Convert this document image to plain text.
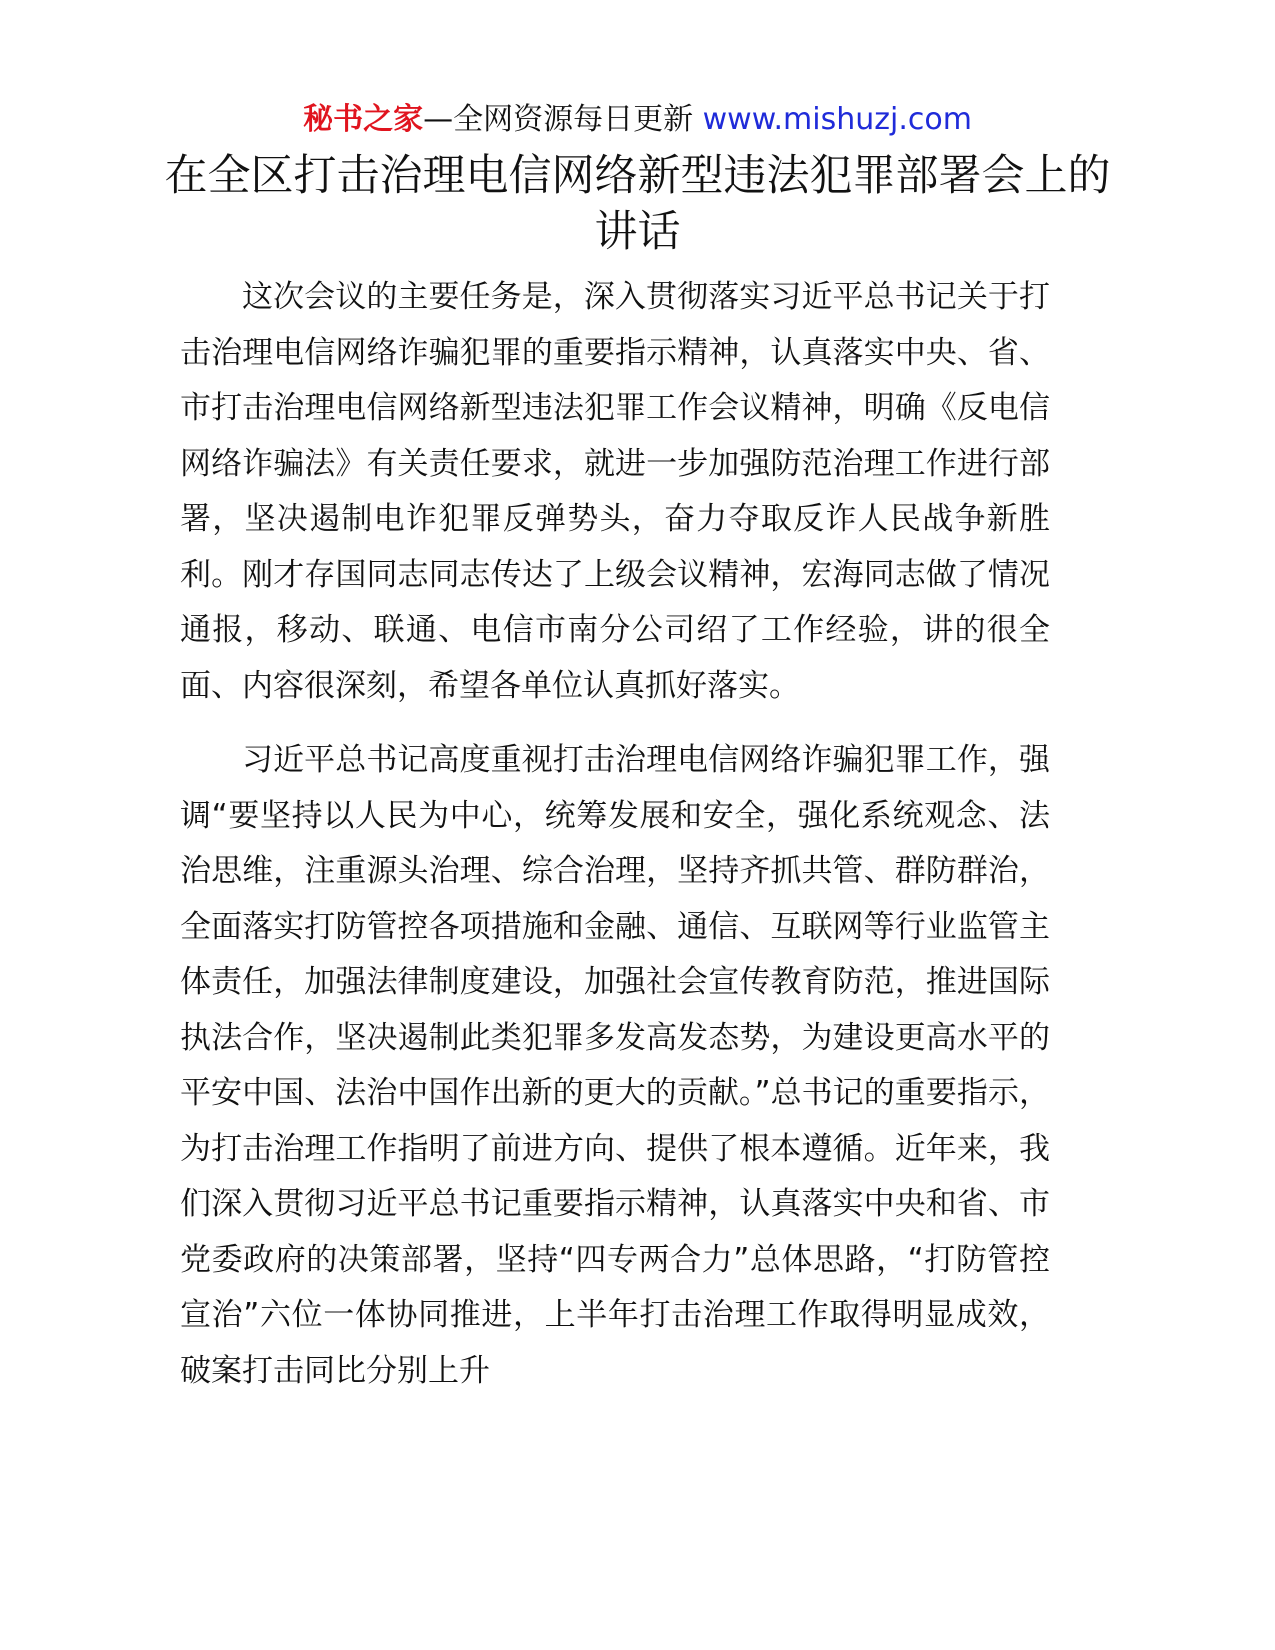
秘书之家—全网资源每日更新 www.mishuzj.com
在全区打击治理电信网络新型违法犯罪部署会上的讲话

这次会议的主要任务是，深入贯彻落实习近平总书记关于打击治理电信网络诈骗犯罪的重要指示精神，认真落实中央、省、市打击治理电信网络新型违法犯罪工作会议精神，明确《反电信网络诈骗法》有关责任要求，就进一步加强防范治理工作进行部署，坚决遏制电诈犯罪反弹势头，奋力夺取反诈人民战争新胜利。刚才存国同志同志传达了上级会议精神，宏海同志做了情况通报，移动、联通、电信市南分公司绍了工作经验，讲的很全面、内容很深刻，希望各单位认真抓好落实。

习近平总书记高度重视打击治理电信网络诈骗犯罪工作，强调“要坚持以人民为中心，统筹发展和安全，强化系统观念、法治思维，注重源头治理、综合治理，坚持齐抓共管、群防群治，全面落实打防管控各项措施和金融、通信、互联网等行业监管主体责任，加强法律制度建设，加强社会宣传教育防范，推进国际执法合作，坚决遏制此类犯罪多发高发态势，为建设更高水平的平安中国、法治中国作出新的更大的贡献。”总书记的重要指示，为打击治理工作指明了前进方向、提供了根本遵循。近年来，我们深入贯彻习近平总书记重要指示精神，认真落实中央和省、市党委政府的决策部署，坚持“四专两合力”总体思路，“打防管控宣治”六位一体协同推进，上半年打击治理工作取得明显成效，破案打击同比分别上升
